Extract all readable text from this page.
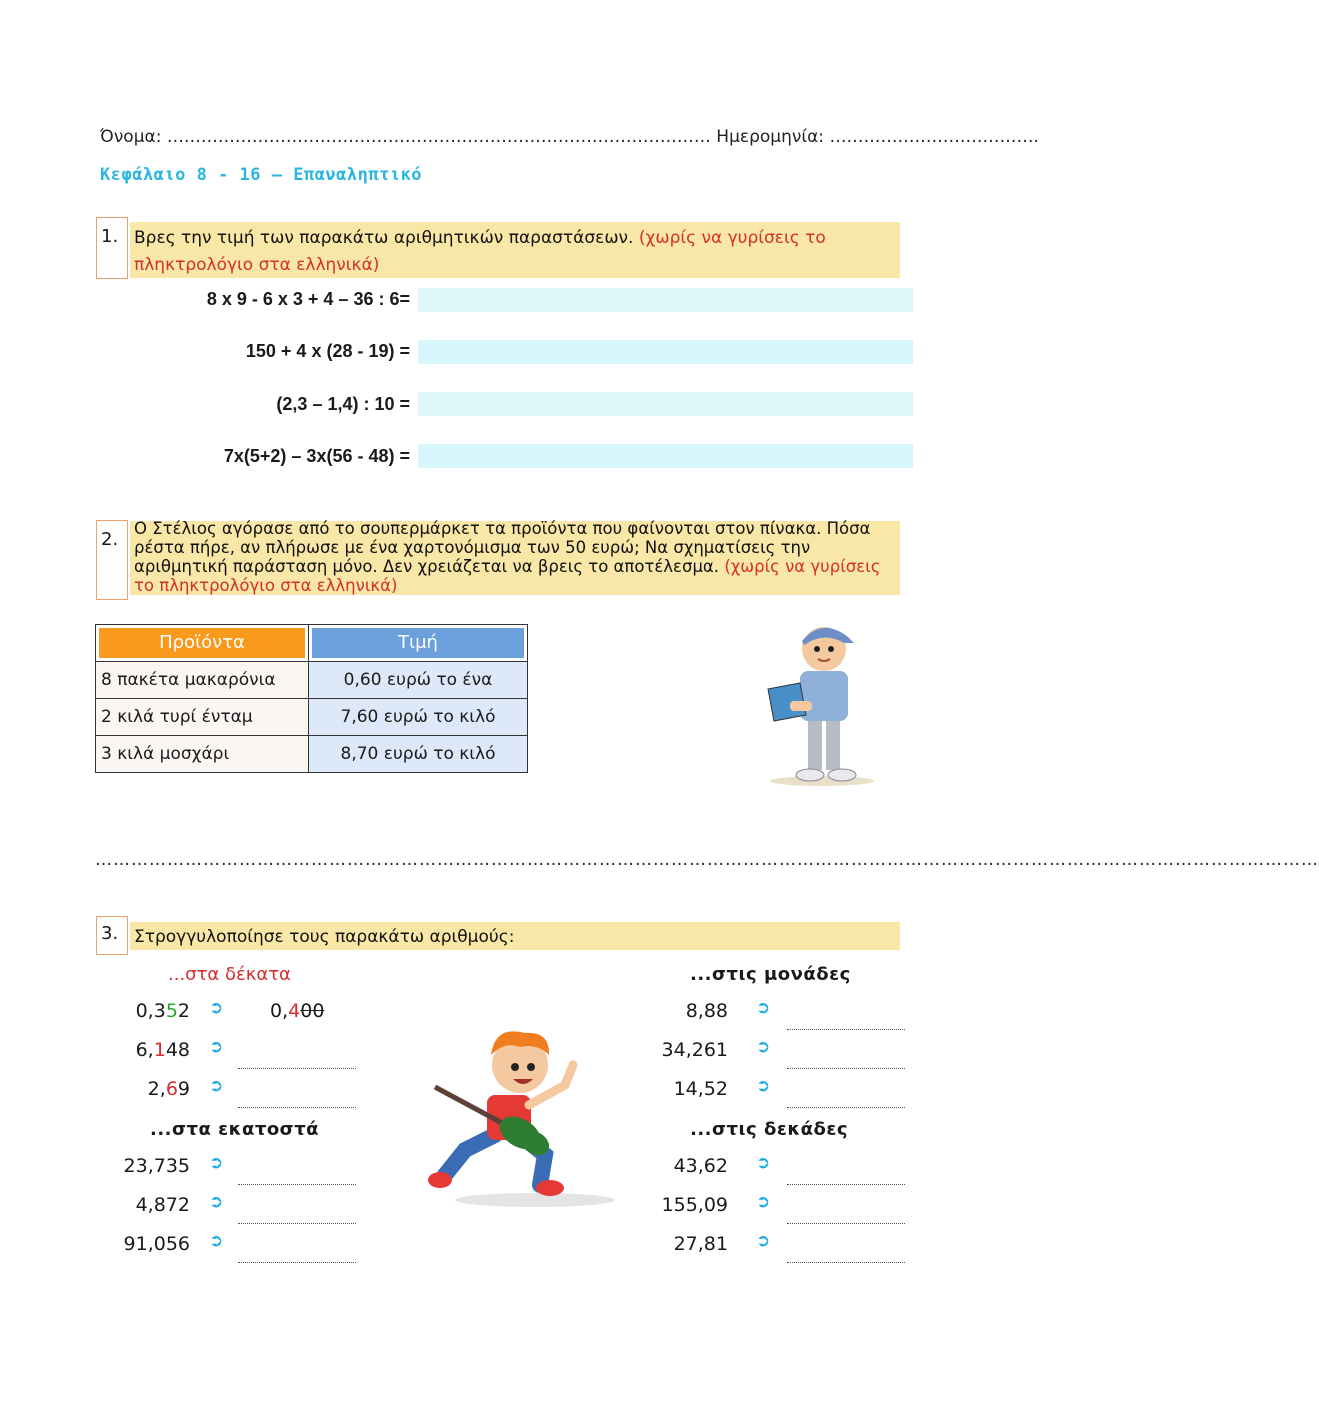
Όνομα: …………………………………………………………………………………… Ημερομηνία: ……………………………….
Κεφάλαιο 8 - 16 – Επαναληπτικό
1. Βρες την τιμή των παρακάτω αριθμητικών παραστάσεων. (χωρίς να γυρίσεις το πληκτρολόγιο στα ελληνικά)
8 x 9 - 6 x 3 + 4 – 36 : 6=
150 + 4 x (28 - 19) =
(2,3 – 1,4) : 10 =
7x(5+2) – 3x(56 - 48) =
2.
Ο Στέλιος αγόρασε από το σουπερμάρκετ τα προϊόντα που φαίνονται στον πίνακα. Πόσα ρέστα πήρε, αν πλήρωσε με ένα χαρτονόμισμα των 50 ευρώ; Να σχηματίσεις την αριθμητική παράσταση μόνο. Δεν χρειάζεται να βρεις το αποτέλεσμα. (χωρίς να γυρίσεις το πληκτρολόγιο στα ελληνικά)
Προϊόντα	Τιμή

8 πακέτα μακαρόνια	0,60 ευρώ το ένα
2 κιλά τυρί ένταμ	7,60 ευρώ το κιλό
3 κιλά μοσχάρι	8,70 ευρώ το κιλό
……………………………………………………………………………………………………………………………………………………………………………………
3. Στρογγυλοποίησε τους παρακάτω αριθμούς:
...στα δέκατα
0,352 ➲ 0,400
6,148 ➲
2,69 ➲
...στα εκατοστά
23,735 ➲
4,872 ➲
91,056 ➲
...στις μονάδες
8,88 ➲
34,261 ➲
14,52 ➲
...στις δεκάδες
43,62 ➲
155,09 ➲
27,81 ➲
